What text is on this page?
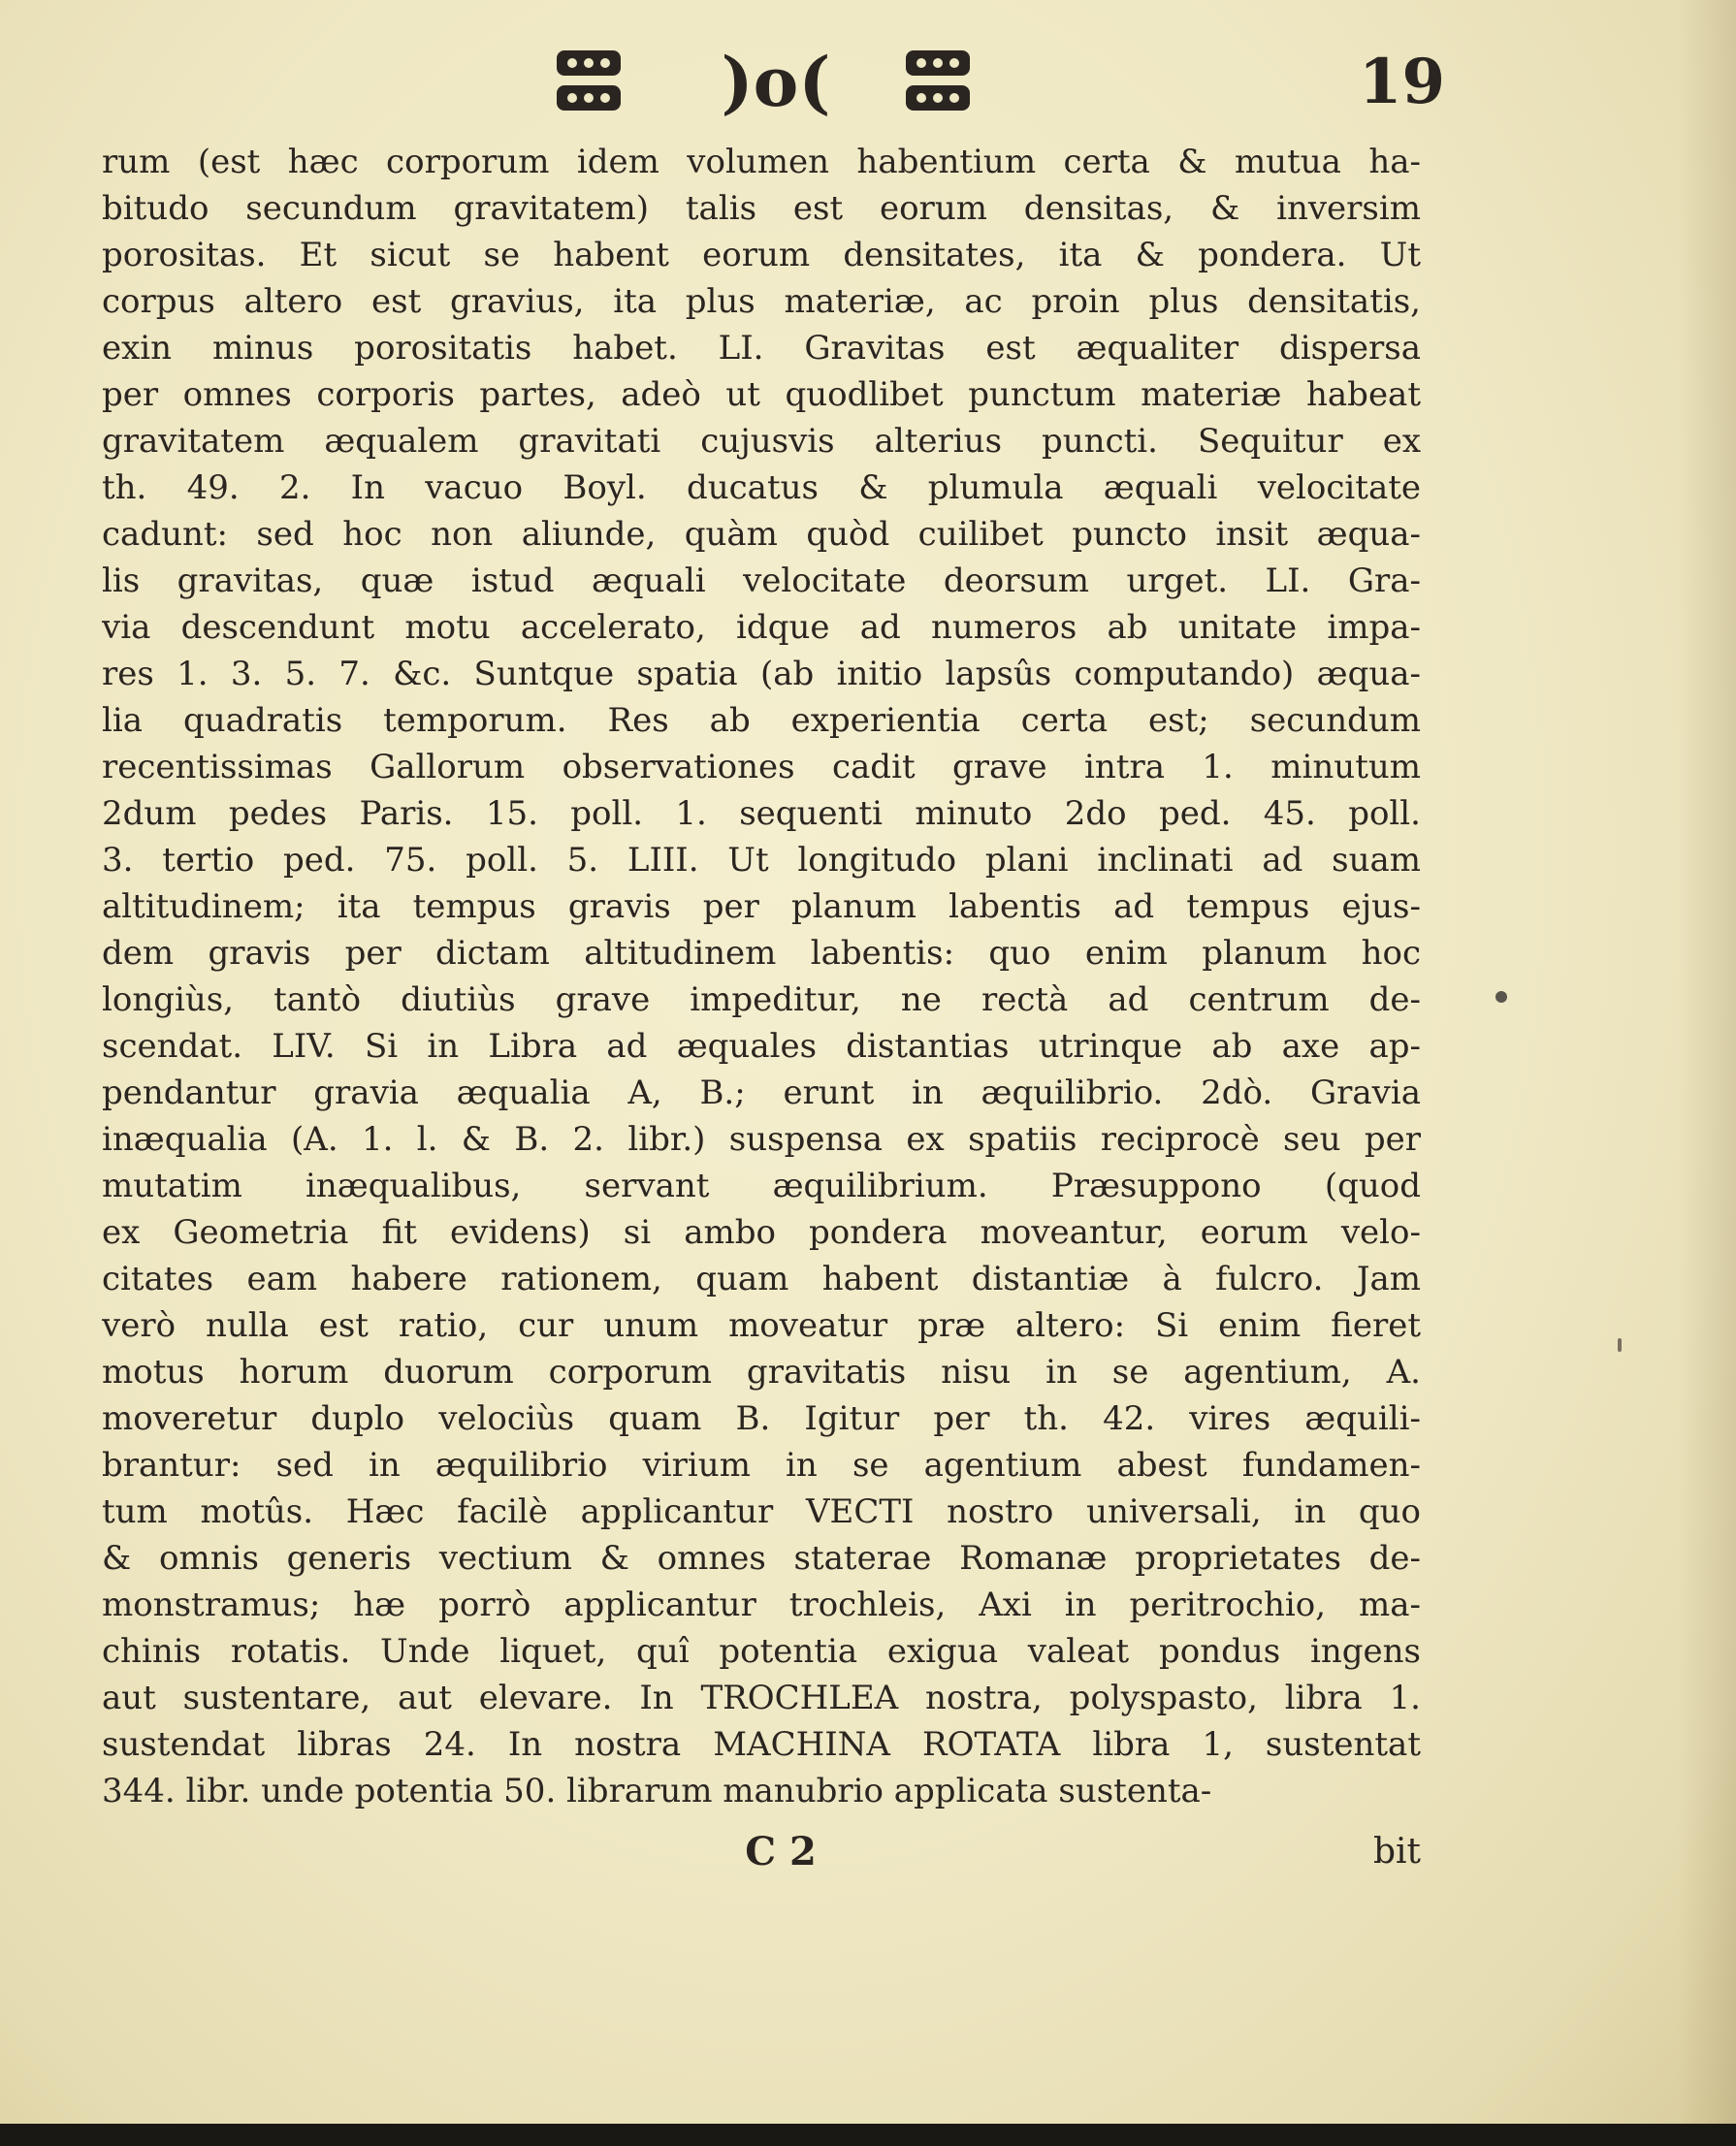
)o(	19
rum (est hæc corporum idem volumen habentium certa & mutua ha-
bitudo secundum gravitatem) talis est eorum densitas, & inversim
porositas. Et sicut se habent eorum densitates, ita & pondera. Ut
corpus altero est gravius, ita plus materiæ, ac proin plus densitatis,
exin minus porositatis habet. LI. Gravitas est æqualiter dispersa
per omnes corporis partes, adeò ut quodlibet punctum materiæ habeat
gravitatem æqualem gravitati cujusvis alterius puncti. Sequitur ex
th. 49. 2. In vacuo Boyl. ducatus & plumula æquali velocitate
cadunt: sed hoc non aliunde, quàm quòd cuilibet puncto insit æqua-
lis gravitas, quæ istud æquali velocitate deorsum urget. LI. Gra-
via descendunt motu accelerato, idque ad numeros ab unitate impa-
res 1. 3. 5. 7. &c. Suntque spatia (ab initio lapsûs computando) æqua-
lia quadratis temporum. Res ab experientia certa est; secundum
recentissimas Gallorum observationes cadit grave intra 1. minutum
2dum pedes Paris. 15. poll. 1. sequenti minuto 2do ped. 45. poll.
3. tertio ped. 75. poll. 5. LIII. Ut longitudo plani inclinati ad suam
altitudinem; ita tempus gravis per planum labentis ad tempus ejus-
dem gravis per dictam altitudinem labentis: quo enim planum hoc
longiùs, tantò diutiùs grave impeditur, ne rectà ad centrum de-
scendat. LIV. Si in Libra ad æquales distantias utrinque ab axe ap-
pendantur gravia æqualia A, B.; erunt in æquilibrio. 2dò. Gravia
inæqualia (A. 1. l. & B. 2. libr.) suspensa ex spatiis reciprocè seu per
mutatim inæqualibus, servant æquilibrium. Præsuppono (quod
ex Geometria fit evidens) si ambo pondera moveantur, eorum velo-
citates eam habere rationem, quam habent distantiæ à fulcro. Jam
verò nulla est ratio, cur unum moveatur præ altero: Si enim fieret
motus horum duorum corporum gravitatis nisu in se agentium, A.
moveretur duplo velociùs quam B. Igitur per th. 42. vires æquili-
brantur: sed in æquilibrio virium in se agentium abest fundamen-
tum motûs. Hæc facilè applicantur VECTI nostro universali, in quo
& omnis generis vectium & omnes staterae Romanæ proprietates de-
monstramus; hæ porrò applicantur trochleis, Axi in peritrochio, ma-
chinis rotatis. Unde liquet, quî potentia exigua valeat pondus ingens
aut sustentare, aut elevare. In TROCHLEA nostra, polyspasto, libra 1.
sustendat libras 24. In nostra MACHINA ROTATA libra 1, sustentat
344. libr. unde potentia 50. librarum manubrio applicata sustenta-
C 2	bit
